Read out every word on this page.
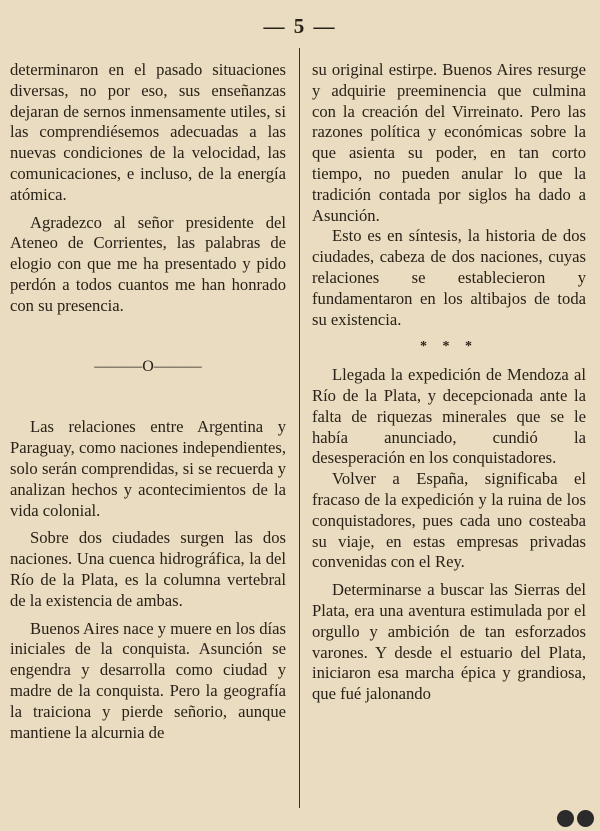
— 5 —

determinaron en el pasado situaciones diversas, no por eso, sus enseñanzas dejaran de sernos inmensamente utiles, si las comprendiésemos adecuadas a las nuevas condiciones de la velocidad, las comunicaciones, e incluso, de la energía atómica.

Agradezco al señor presidente del Ateneo de Corrientes, las palabras de elogio con que me ha presentado y pido perdón a todos cuantos me han honrado con su presencia.

———O———

Las relaciones entre Argentina y Paraguay, como naciones independientes, solo serán comprendidas, si se recuerda y analizan hechos y acontecimientos de la vida colonial.

Sobre dos ciudades surgen las dos naciones. Una cuenca hidrográfica, la del Río de la Plata, es la columna vertebral de la existencia de ambas.

Buenos Aires nace y muere en los días iniciales de la conquista. Asunción se engendra y desarrolla como ciudad y madre de la conquista. Pero la geografía la traiciona y pierde señorio, aunque mantiene la alcurnia de

su original estirpe. Buenos Aires resurge y adquirie preeminencia que culmina con la creación del Virreinato. Pero las razones política y económicas sobre la que asienta su poder, en tan corto tiempo, no pueden anular lo que la tradición contada por siglos ha dado a Asunción.

Esto es en síntesis, la historia de dos ciudades, cabeza de dos naciones, cuyas relaciones se establecieron y fundamentaron en los altibajos de toda su existencia.

* * *

Llegada la expedición de Mendoza al Río de la Plata, y decepcionada ante la falta de riquezas minerales que se le había anunciado, cundió la desesperación en los conquistadores.

Volver a España, significaba el fracaso de la expedición y la ruina de los conquistadores, pues cada uno costeaba su viaje, en estas empresas privadas convenidas con el Rey.

Determinarse a buscar las Sierras del Plata, era una aventura estimulada por el orgullo y ambición de tan esforzados varones. Y desde el estuario del Plata, iniciaron esa marcha épica y grandiosa, que fué jalonando
